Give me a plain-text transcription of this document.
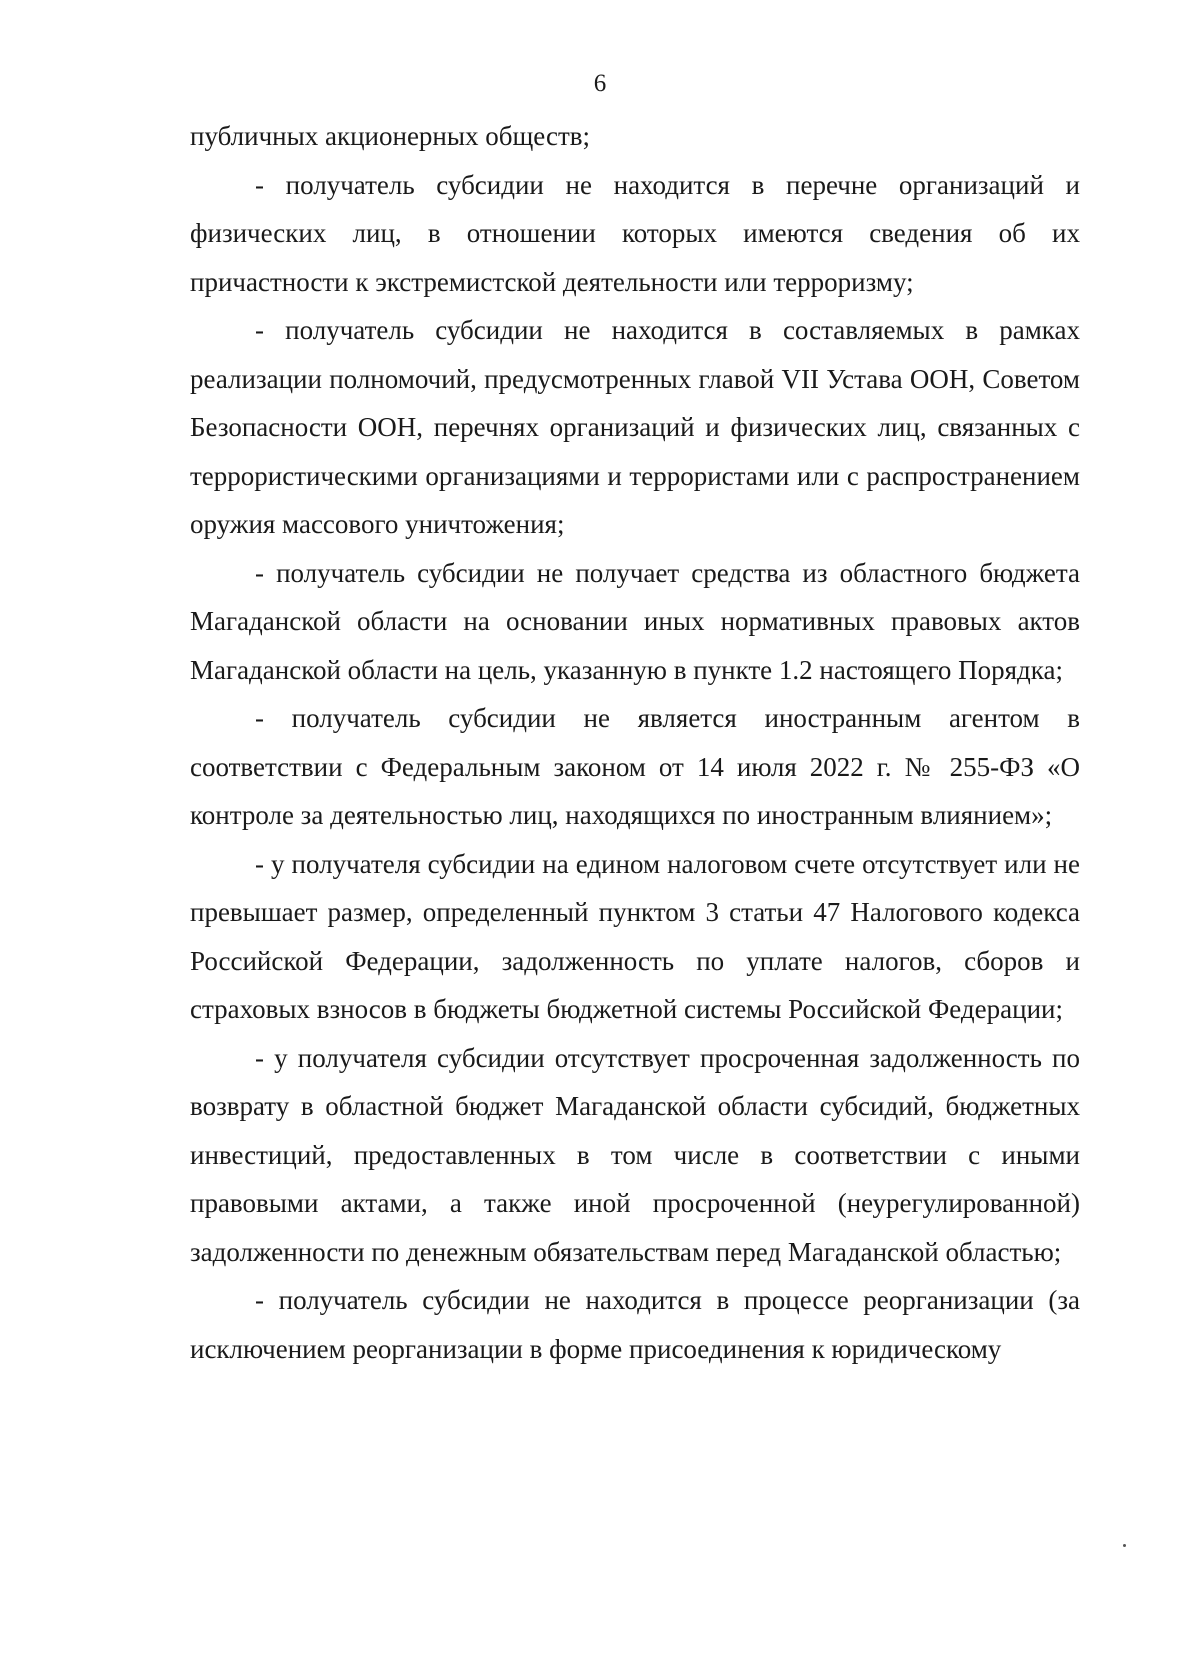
6

публичных акционерных обществ;

- получатель субсидии не находится в перечне организаций и физических лиц, в отношении которых имеются сведения об их причастности к экстремистской деятельности или терроризму;

- получатель субсидии не находится в составляемых в рамках реализации полномочий, предусмотренных главой VII Устава ООН, Советом Безопасности ООН, перечнях организаций и физических лиц, связанных с террористическими организациями и террористами или с распространением оружия массового уничтожения;

- получатель субсидии не получает средства из областного бюджета Магаданской области на основании иных нормативных правовых актов Магаданской области на цель, указанную в пункте 1.2 настоящего Порядка;

- получатель субсидии не является иностранным агентом в соответствии с Федеральным законом от 14 июля 2022 г. № 255-ФЗ «О контроле за деятельностью лиц, находящихся по иностранным влиянием»;

- у получателя субсидии на едином налоговом счете отсутствует или не превышает размер, определенный пунктом 3 статьи 47 Налогового кодекса Российской Федерации, задолженность по уплате налогов, сборов и страховых взносов в бюджеты бюджетной системы Российской Федерации;

- у получателя субсидии отсутствует просроченная задолженность по возврату в областной бюджет Магаданской области субсидий, бюджетных инвестиций, предоставленных в том числе в соответствии с иными правовыми актами, а также иной просроченной (неурегулированной) задолженности по денежным обязательствам перед Магаданской областью;

- получатель субсидии не находится в процессе реорганизации (за исключением реорганизации в форме присоединения к юридическому
